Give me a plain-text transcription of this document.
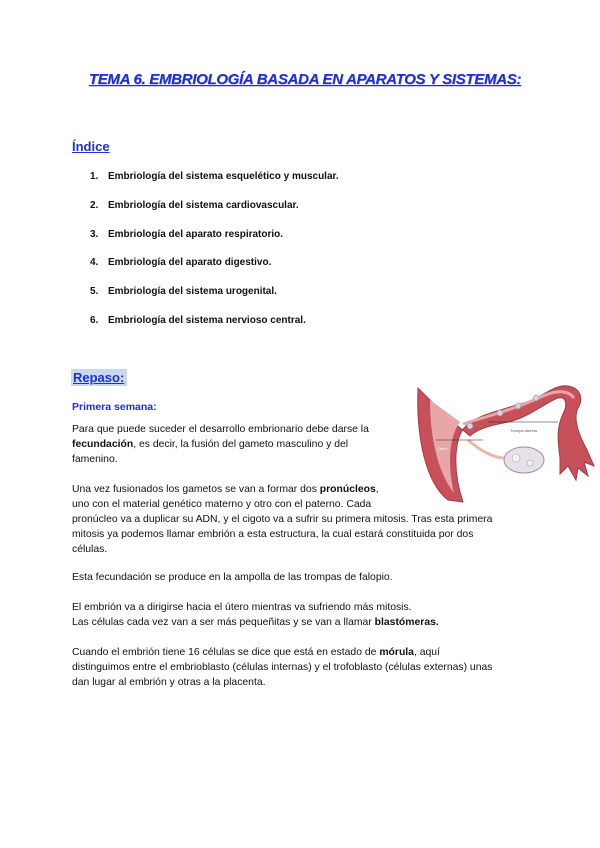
TEMA 6. EMBRIOLOGÍA BASADA EN APARATOS Y SISTEMAS:
Índice
1. Embriología del sistema esquelético y muscular.
2. Embriología del sistema cardiovascular.
3. Embriología del aparato respiratorio.
4. Embriología del aparato digestivo.
5. Embriología del sistema urogenital.
6. Embriología del sistema nervioso central.
Repaso:
Primera semana:

Para que puede suceder el desarrollo embrionario debe darse la
fecundación, es decir, la fusión del gameto masculino y del
famenino.

Una vez fusionados los gametos se van a formar dos pronúcleos,
uno con el material genético materno y otro con el paterno. Cada
pronúcleo va a duplicar su ADN, y el cigoto va a sufrir su primera mitosis. Tras esta primera
mitosis ya podemos llamar embrión a esta estructura, la cual estará constituida por dos
células.

Esta fecundación se produce en la ampolla de las trompas de falopio.

El embrión va a dirigirse hacia el útero mientras va sufriendo más mitosis.
Las células cada vez van a ser más pequeñitas y se van a llamar blastómeras.

Cuando el embrión tiene 16 células se dice que está en estado de mórula, aquí
distinguimos entre el embrioblasto (células internas) y el trofoblasto (células externas) unas
dan lugar al embrión y otras a la placenta.

Trompa uterina
Útero
